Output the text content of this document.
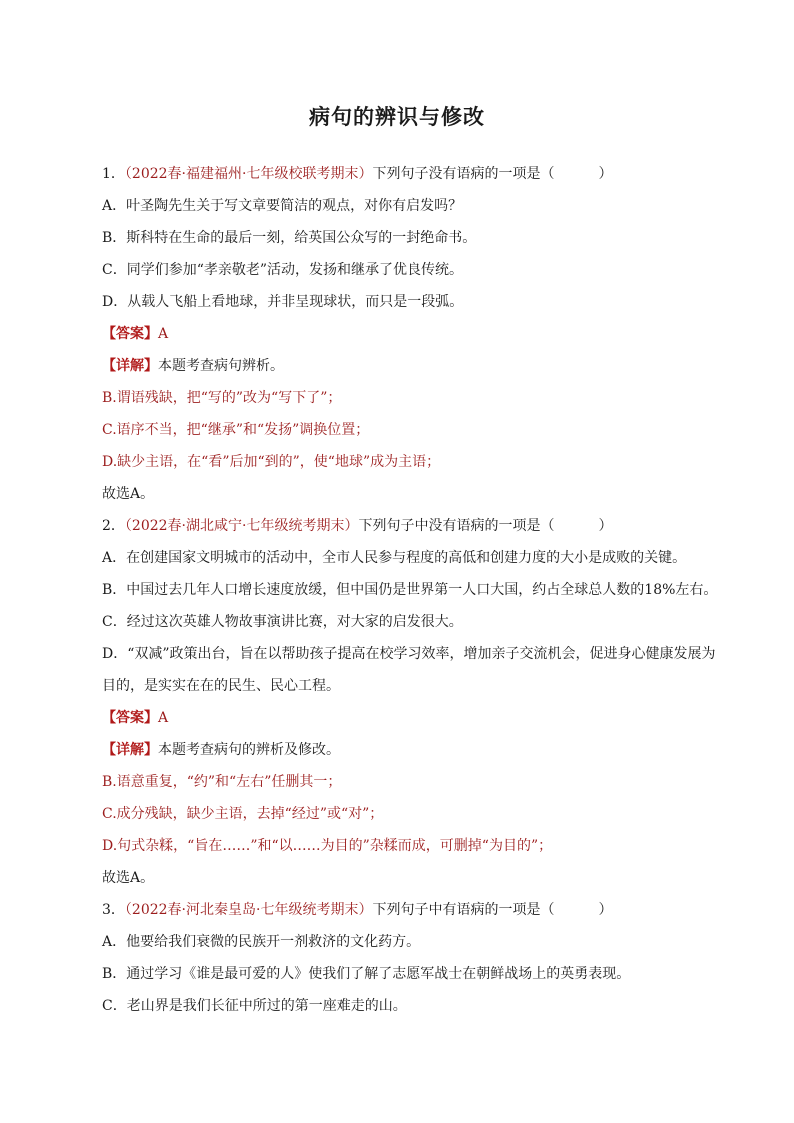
病句的辨识与修改
1．（2022春·福建福州·七年级校联考期末）下列句子没有语病的一项是（	）
A．叶圣陶先生关于写文章要简洁的观点，对你有启发吗？
B．斯科特在生命的最后一刻，给英国公众写的一封绝命书。
C．同学们参加“孝亲敬老”活动，发扬和继承了优良传统。
D．从载人飞船上看地球，并非呈现球状，而只是一段弧。
【答案】A
【详解】本题考查病句辨析。
B.谓语残缺，把“写的”改为“写下了”；
C.语序不当，把“继承”和“发扬”调换位置；
D.缺少主语，在“看”后加“到的”，使“地球”成为主语；
故选A。
2．（2022春·湖北咸宁·七年级统考期末）下列句子中没有语病的一项是（	）
A．在创建国家文明城市的活动中，全市人民参与程度的高低和创建力度的大小是成败的关键。
B．中国过去几年人口增长速度放缓，但中国仍是世界第一人口大国，约占全球总人数的18%左右。
C．经过这次英雄人物故事演讲比赛，对大家的启发很大。
D．“双减”政策出台，旨在以帮助孩子提高在校学习效率，增加亲子交流机会，促进身心健康发展为
目的，是实实在在的民生、民心工程。
【答案】A
【详解】本题考查病句的辨析及修改。
B.语意重复，“约”和“左右”任删其一；
C.成分残缺，缺少主语，去掉“经过”或“对”；
D.句式杂糅，“旨在……”和“以……为目的”杂糅而成，可删掉“为目的”；
故选A。
3．（2022春·河北秦皇岛·七年级统考期末）下列句子中有语病的一项是（	）
A．他要给我们衰微的民族开一剂救济的文化药方。
B．通过学习《谁是最可爱的人》使我们了解了志愿军战士在朝鲜战场上的英勇表现。
C．老山界是我们长征中所过的第一座难走的山。
